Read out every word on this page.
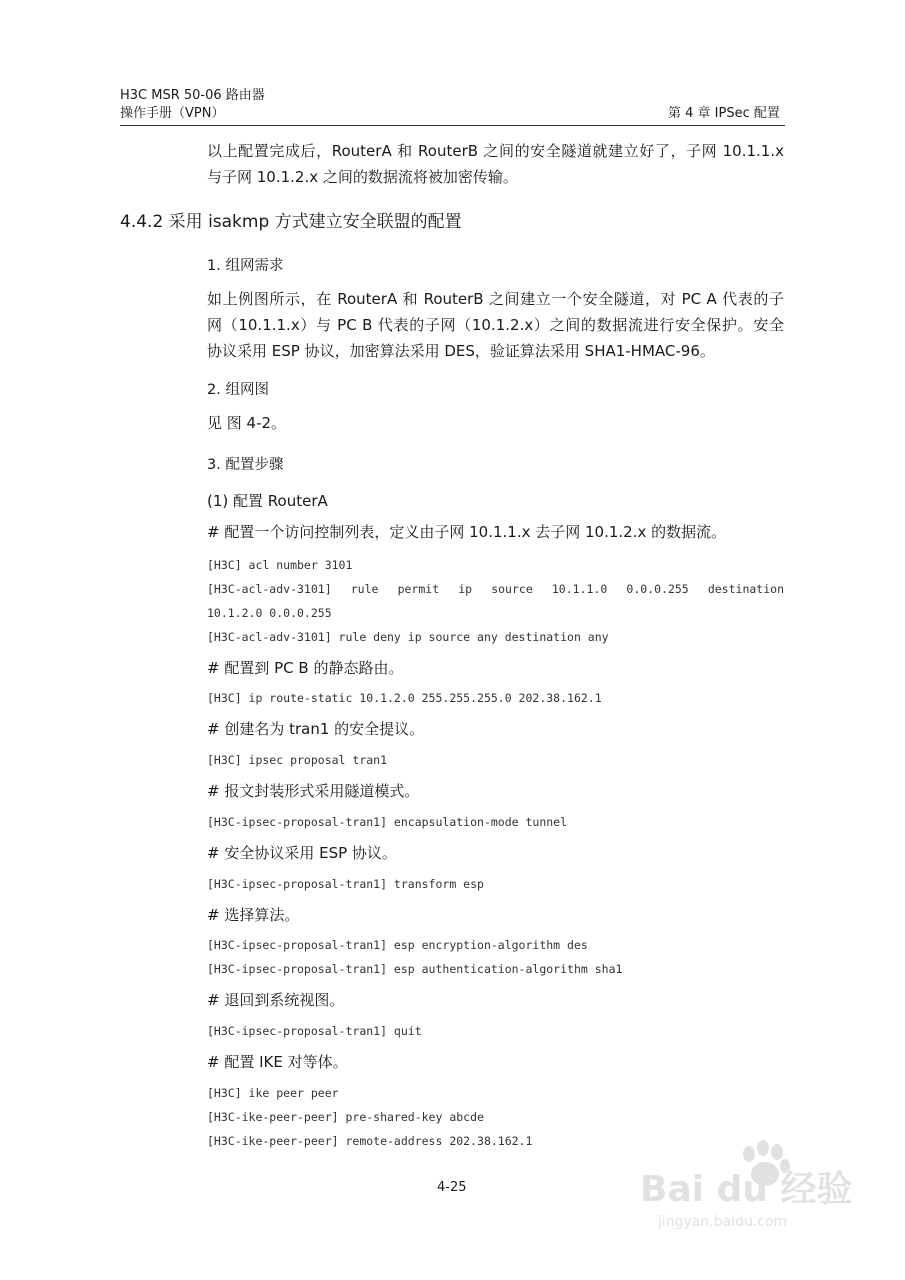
H3C MSR 50-06 路由器
操作手册（VPN）	第 4 章 IPSec 配置
以上配置完成后，RouterA 和 RouterB 之间的安全隧道就建立好了，子网 10.1.1.x
与子网 10.1.2.x 之间的数据流将被加密传输。
4.4.2 采用 isakmp 方式建立安全联盟的配置
1. 组网需求
如上例图所示，在 RouterA 和 RouterB 之间建立一个安全隧道，对 PC A 代表的子
网（10.1.1.x）与 PC B 代表的子网（10.1.2.x）之间的数据流进行安全保护。安全
协议采用 ESP 协议，加密算法采用 DES，验证算法采用 SHA1-HMAC-96。
2. 组网图
见 图 4-2。
3. 配置步骤
(1) 配置 RouterA
# 配置一个访问控制列表，定义由子网 10.1.1.x 去子网 10.1.2.x 的数据流。
[H3C] acl number 3101
[H3C-acl-adv-3101] rule permit ip source 10.1.1.0 0.0.0.255 destination
10.1.2.0 0.0.0.255
[H3C-acl-adv-3101] rule deny ip source any destination any
# 配置到 PC B 的静态路由。
[H3C] ip route-static 10.1.2.0 255.255.255.0 202.38.162.1
# 创建名为 tran1 的安全提议。
[H3C] ipsec proposal tran1
# 报文封装形式采用隧道模式。
[H3C-ipsec-proposal-tran1] encapsulation-mode tunnel
# 安全协议采用 ESP 协议。
[H3C-ipsec-proposal-tran1] transform esp
# 选择算法。
[H3C-ipsec-proposal-tran1] esp encryption-algorithm des
[H3C-ipsec-proposal-tran1] esp authentication-algorithm sha1
# 退回到系统视图。
[H3C-ipsec-proposal-tran1] quit
# 配置 IKE 对等体。
[H3C] ike peer peer
[H3C-ike-peer-peer] pre-shared-key abcde
[H3C-ike-peer-peer] remote-address 202.38.162.1
4-25	Bai du 经验
jingyan.baidu.com
